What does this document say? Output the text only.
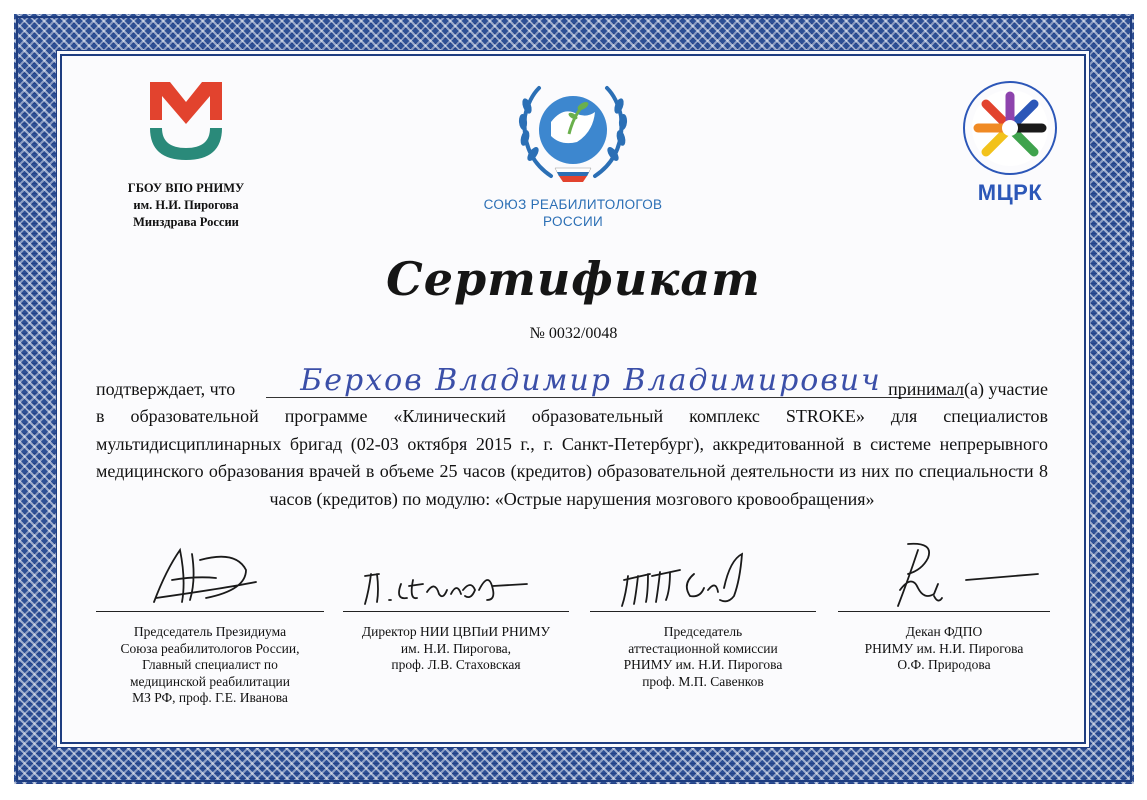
ГБОУ ВПО РНИМУ
им. Н.И. Пирогова
Минздрава России
СОЮЗ РЕАБИЛИТОЛОГОВ
РОССИИ
МЦРК
Сертификат
№ 0032/0048
подтверждает, что	Берхов Владимир Владимирович принимал(а) участие
в образовательной программе «Клинический образовательный комплекс STROKE» для специалистов мультидисциплинарных бригад (02-03 октября 2015 г., г. Санкт-Петербург), аккредитованной в системе непрерывного медицинского образования врачей в объеме 25 часов (кредитов) образовательной деятельности из них по специальности 8 часов (кредитов) по модулю: «Острые нарушения мозгового кровообращения»
Председатель Президиума
Союза реабилитологов России,
Главный специалист по
медицинской реабилитации
МЗ РФ, проф. Г.Е. Иванова
Директор НИИ ЦВПиИ РНИМУ
им. Н.И. Пирогова,
проф. Л.В. Стаховская
Председатель
аттестационной комиссии
РНИМУ им. Н.И. Пирогова
проф. М.П. Савенков
Декан ФДПО
РНИМУ им. Н.И. Пирогова
О.Ф. Природова
